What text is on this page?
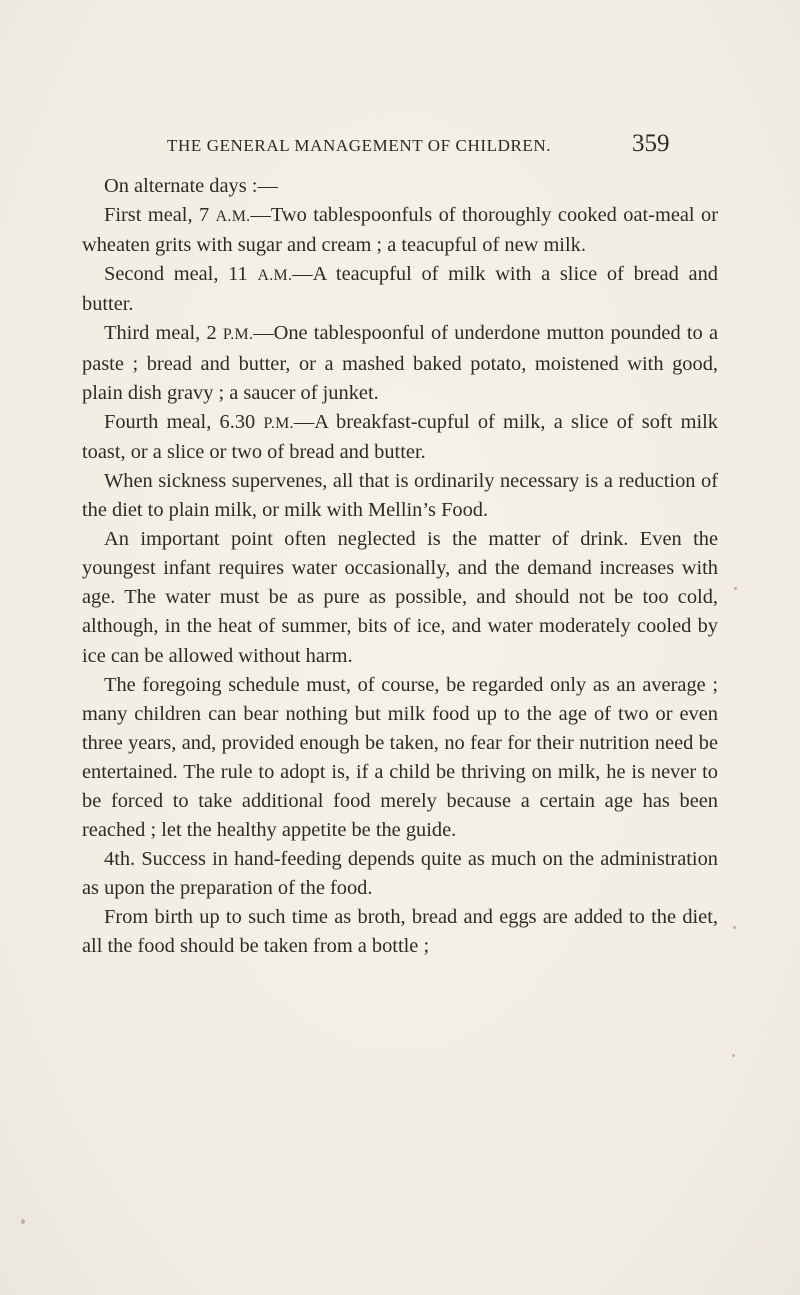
THE GENERAL MANAGEMENT OF CHILDREN.	359

On alternate days :—

First meal, 7 A.M.—Two tablespoonfuls of thoroughly cooked oat-meal or wheaten grits with sugar and cream ; a teacupful of new milk.

Second meal, 11 A.M.—A teacupful of milk with a slice of bread and butter.

Third meal, 2 P.M.—One tablespoonful of underdone mutton pounded to a paste ; bread and butter, or a mashed baked potato, moistened with good, plain dish gravy ; a saucer of junket.

Fourth meal, 6.30 P.M.—A breakfast-cupful of milk, a slice of soft milk toast, or a slice or two of bread and butter.

When sickness supervenes, all that is ordinarily necessary is a reduction of the diet to plain milk, or milk with Mellin’s Food.

An important point often neglected is the matter of drink. Even the youngest infant requires water occasionally, and the demand increases with age. The water must be as pure as possible, and should not be too cold, although, in the heat of summer, bits of ice, and water moderately cooled by ice can be allowed without harm.

The foregoing schedule must, of course, be regarded only as an average ; many children can bear nothing but milk food up to the age of two or even three years, and, provided enough be taken, no fear for their nutrition need be entertained. The rule to adopt is, if a child be thriving on milk, he is never to be forced to take additional food merely because a certain age has been reached ; let the healthy appetite be the guide.

4th. Success in hand-feeding depends quite as much on the administration as upon the preparation of the food.

From birth up to such time as broth, bread and eggs are added to the diet, all the food should be taken from a bottle ;
